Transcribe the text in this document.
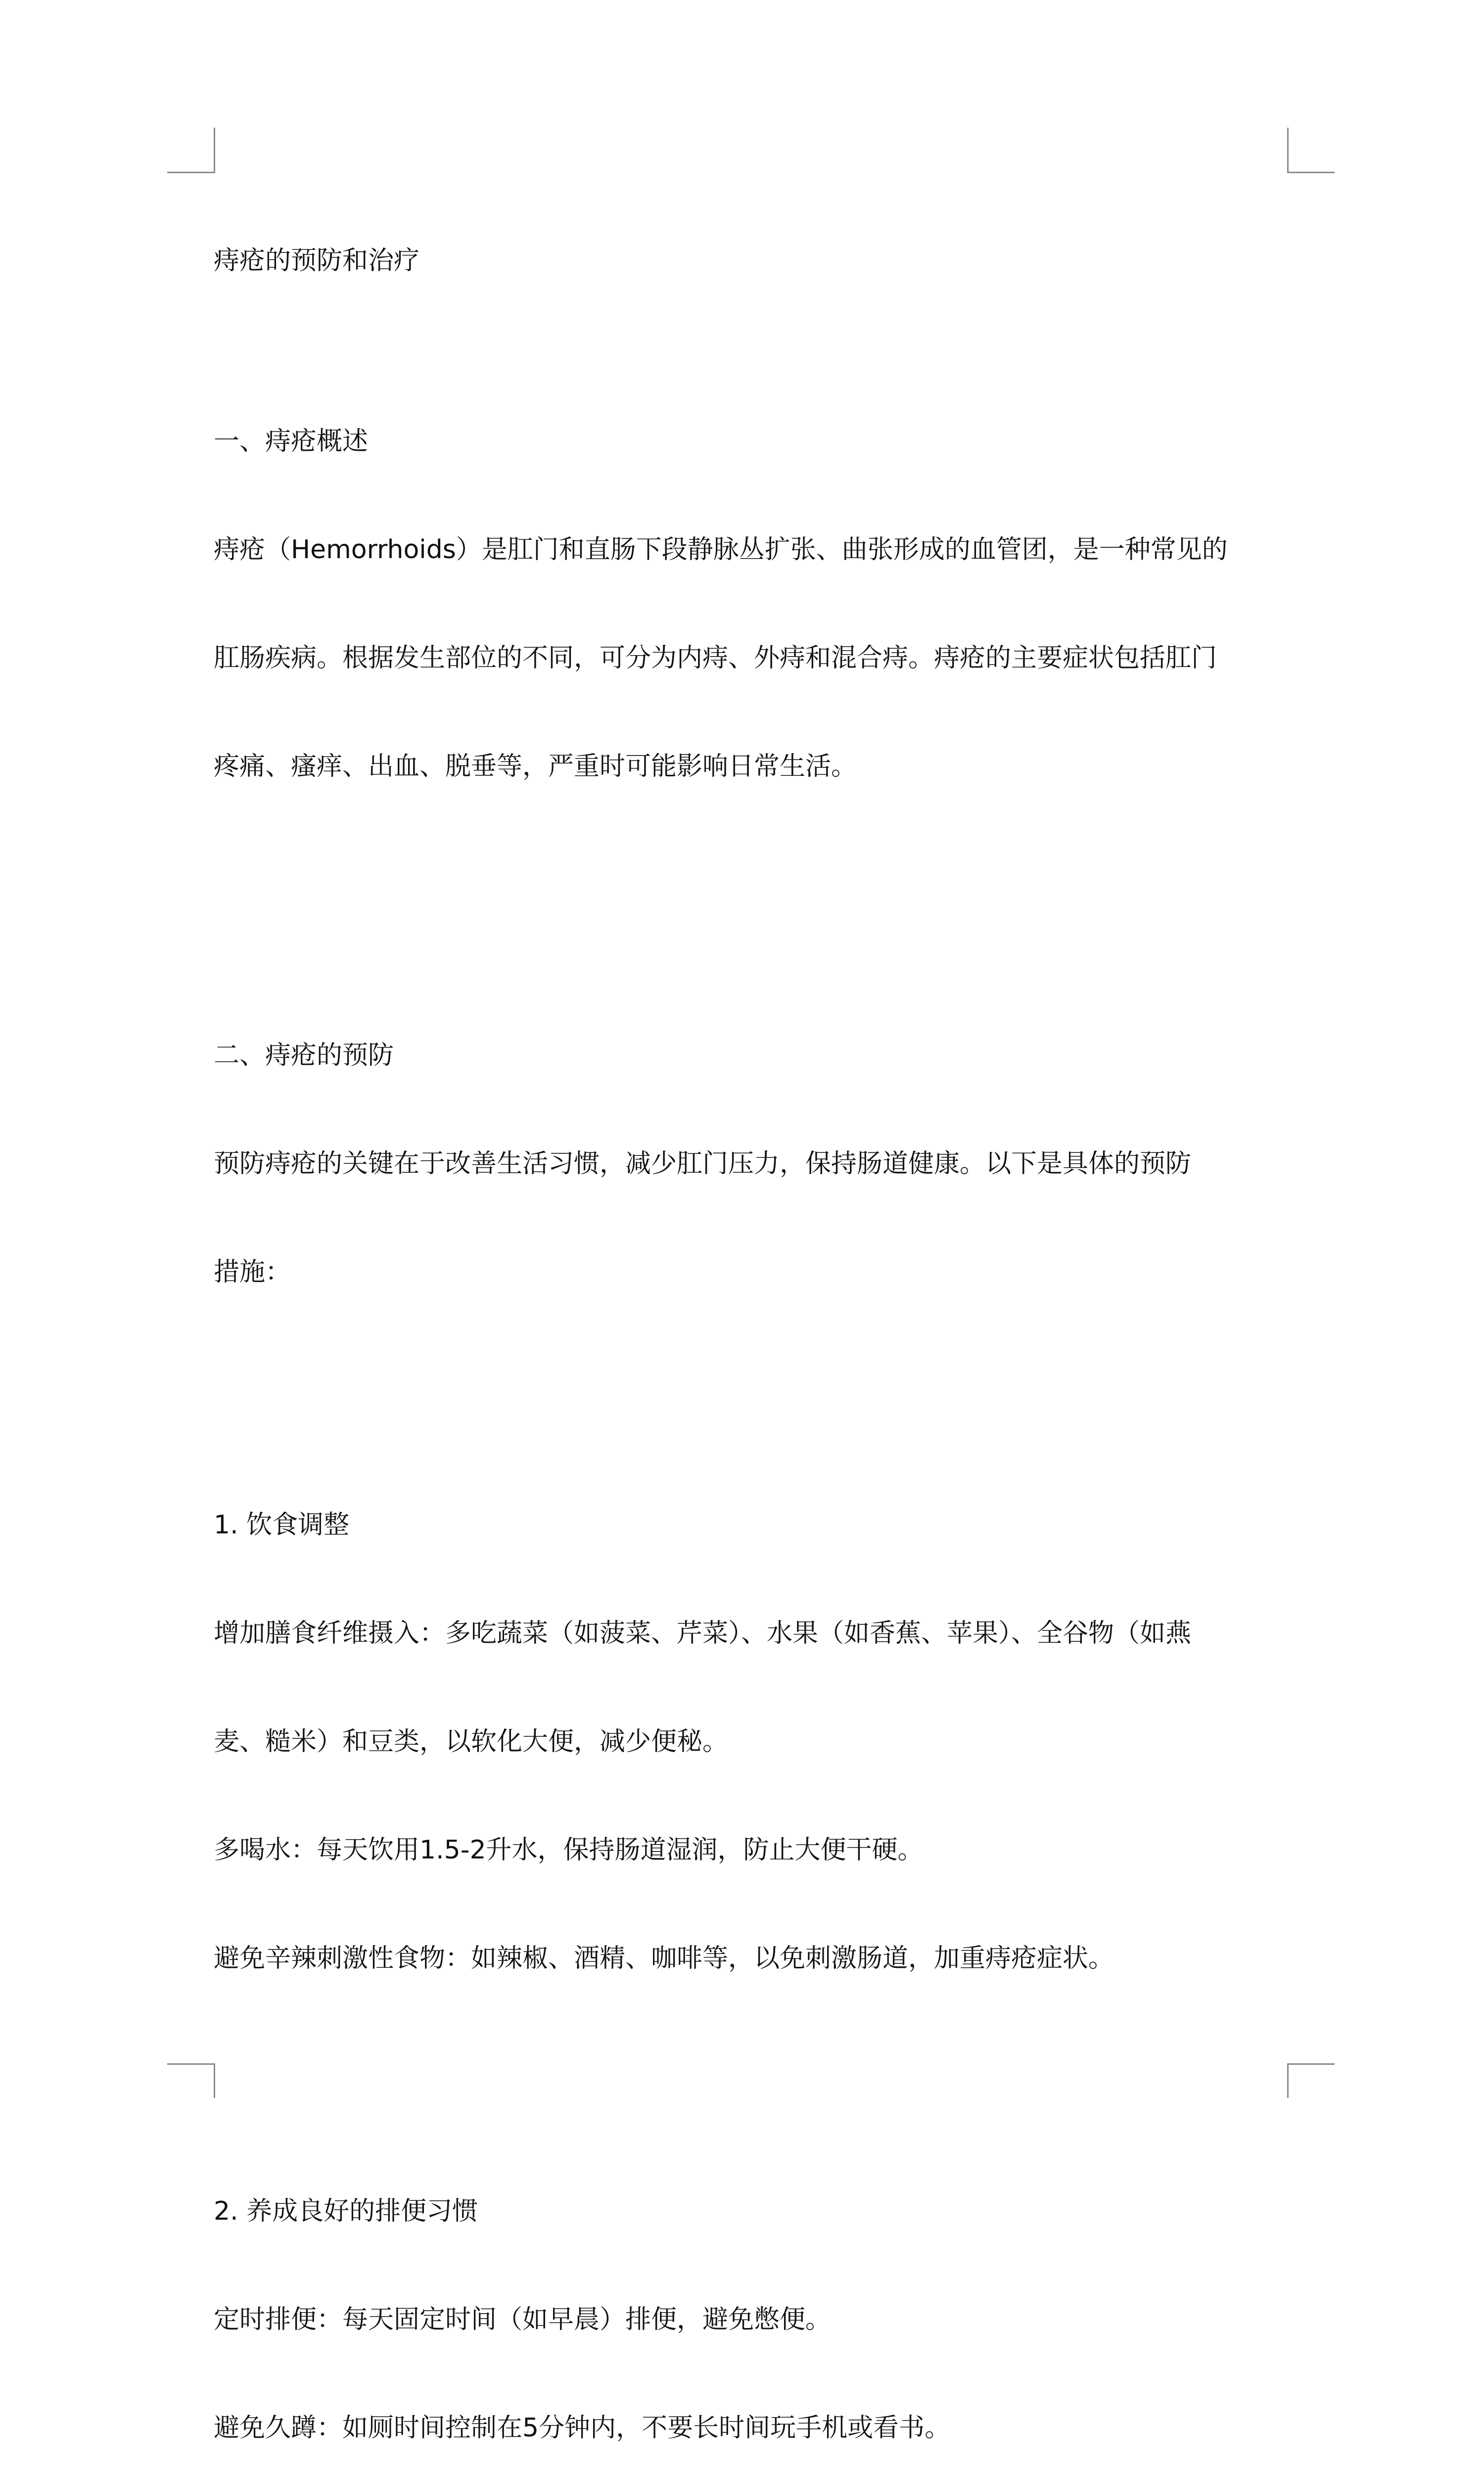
痔疮的预防和治疗

一、痔疮概述

痔疮（Hemorrhoids）是肛门和直肠下段静脉丛扩张、曲张形成的血管团，是一种常见的

肛肠疾病。根据发生部位的不同，可分为内痔、外痔和混合痔。痔疮的主要症状包括肛门

疼痛、瘙痒、出血、脱垂等，严重时可能影响日常生活。

二、痔疮的预防

预防痔疮的关键在于改善生活习惯，减少肛门压力，保持肠道健康。以下是具体的预防

措施：

1. 饮食调整

增加膳食纤维摄入：多吃蔬菜（如菠菜、芹菜）、水果（如香蕉、苹果）、全谷物（如燕

麦、糙米）和豆类，以软化大便，减少便秘。

多喝水：每天饮用1.5-2升水，保持肠道湿润，防止大便干硬。

避免辛辣刺激性食物：如辣椒、酒精、咖啡等，以免刺激肠道，加重痔疮症状。

2. 养成良好的排便习惯

定时排便：每天固定时间（如早晨）排便，避免憋便。

避免久蹲：如厕时间控制在5分钟内，不要长时间玩手机或看书。
